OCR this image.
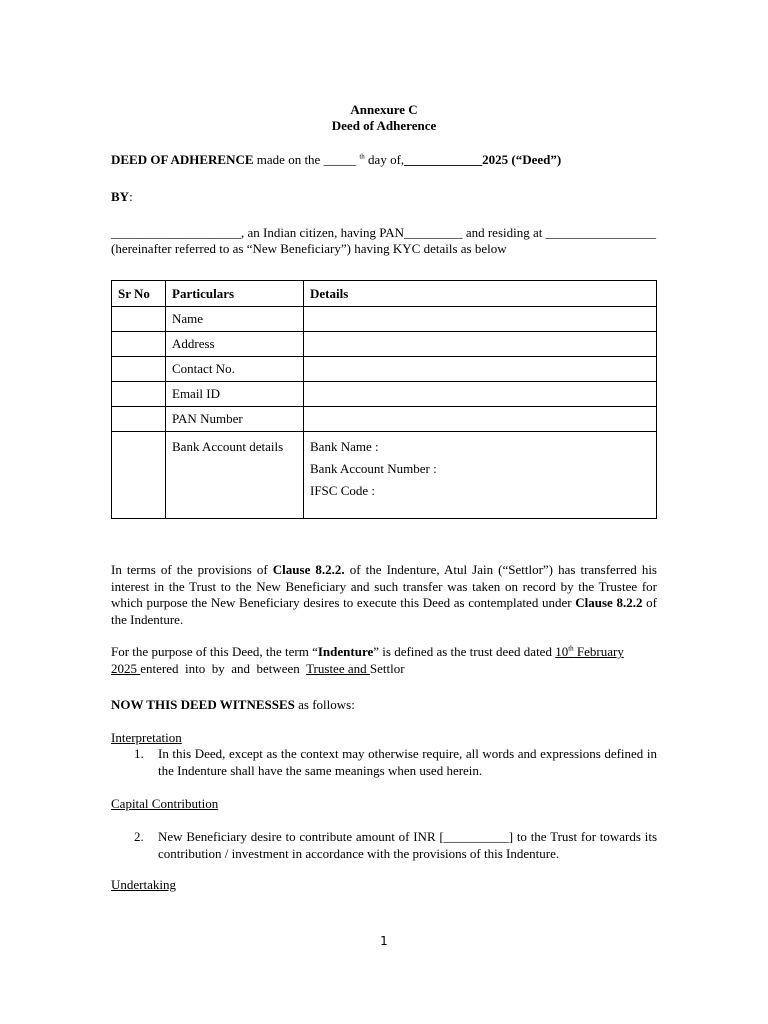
Annexure C
Deed of Adherence
DEED OF ADHERENCE made on the _____ $^{th}$ day of,____________2025 (“Deed”)
BY:
____________________, an Indian citizen, having PAN_________ and residing at _________________
(hereinafter referred to as “New Beneficiary”) having KYC details as below
Sr No	Particulars	Details
	Name	
	Address	
	Contact No.	
	Email ID	
	PAN Number	

	Bank Account details	Bank Name :
Bank Account Number :
IFSC Code :
In terms of the provisions of Clause 8.2.2. of the Indenture, Atul Jain (“Settlor”) has transferred his interest in the Trust to the New Beneficiary and such transfer was taken on record by the Trustee for which purpose the New Beneficiary desires to execute this Deed as contemplated under Clause 8.2.2 of the Indenture.
For the purpose of this Deed, the term “Indenture” is defined as the trust deed dated 10th February
2025 entered  into  by  and  between  Trustee and Settlor
NOW THIS DEED WITNESSES as follows:
Interpretation
1. In this Deed, except as the context may otherwise require, all words and expressions defined in the Indenture shall have the same meanings when used herein.
Capital Contribution
2. New Beneficiary desire to contribute amount of INR [__________] to the Trust for towards its contribution / investment in accordance with the provisions of this Indenture.
Undertaking
1
